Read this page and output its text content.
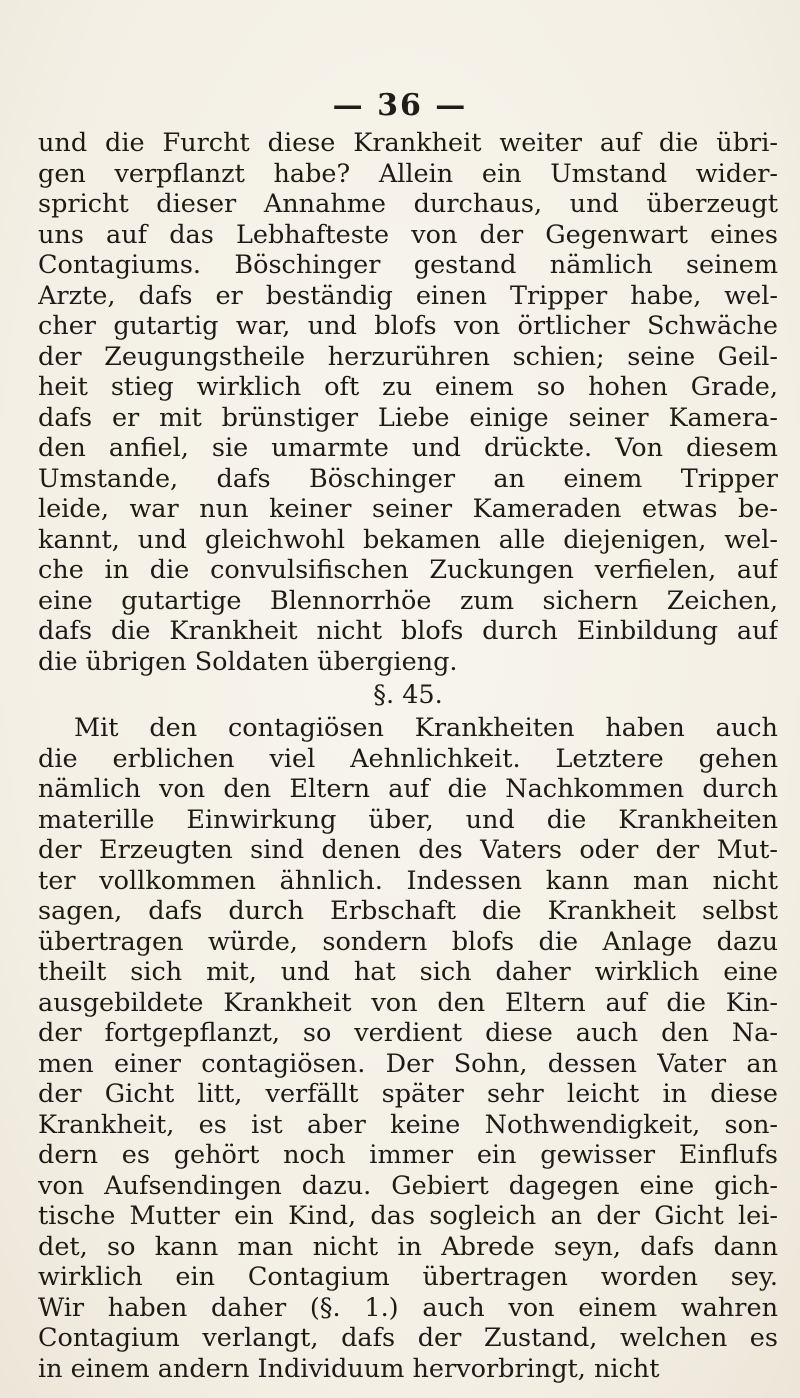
— 36 —
und die Furcht diese Krankheit weiter auf die übri-
gen verpflanzt habe? Allein ein Umstand wider-
spricht dieser Annahme durchaus, und überzeugt
uns auf das Lebhafteste von der Gegenwart eines
Contagiums. Böschinger gestand nämlich seinem
Arzte, dafs er beständig einen Tripper habe, wel-
cher gutartig war, und blofs von örtlicher Schwäche
der Zeugungstheile herzurühren schien; seine Geil-
heit stieg wirklich oft zu einem so hohen Grade,
dafs er mit brünstiger Liebe einige seiner Kamera-
den anfiel, sie umarmte und drückte. Von diesem
Umstande, dafs Böschinger an einem Tripper
leide, war nun keiner seiner Kameraden etwas be-
kannt, und gleichwohl bekamen alle diejenigen, wel-
che in die convulsifischen Zuckungen verfielen, auf
eine gutartige Blennorrhöe zum sichern Zeichen,
dafs die Krankheit nicht blofs durch Einbildung auf
die übrigen Soldaten übergieng.
§. 45.
Mit den contagiösen Krankheiten haben auch
die erblichen viel Aehnlichkeit. Letztere gehen
nämlich von den Eltern auf die Nachkommen durch
materille Einwirkung über, und die Krankheiten
der Erzeugten sind denen des Vaters oder der Mut-
ter vollkommen ähnlich. Indessen kann man nicht
sagen, dafs durch Erbschaft die Krankheit selbst
übertragen würde, sondern blofs die Anlage dazu
theilt sich mit, und hat sich daher wirklich eine
ausgebildete Krankheit von den Eltern auf die Kin-
der fortgepflanzt, so verdient diese auch den Na-
men einer contagiösen. Der Sohn, dessen Vater an
der Gicht litt, verfällt später sehr leicht in diese
Krankheit, es ist aber keine Nothwendigkeit, son-
dern es gehört noch immer ein gewisser Einflufs
von Aufsendingen dazu. Gebiert dagegen eine gich-
tische Mutter ein Kind, das sogleich an der Gicht lei-
det, so kann man nicht in Abrede seyn, dafs dann
wirklich ein Contagium übertragen worden sey.
Wir haben daher (§. 1.) auch von einem wahren
Contagium verlangt, dafs der Zustand, welchen es
in einem andern Individuum hervorbringt, nicht
